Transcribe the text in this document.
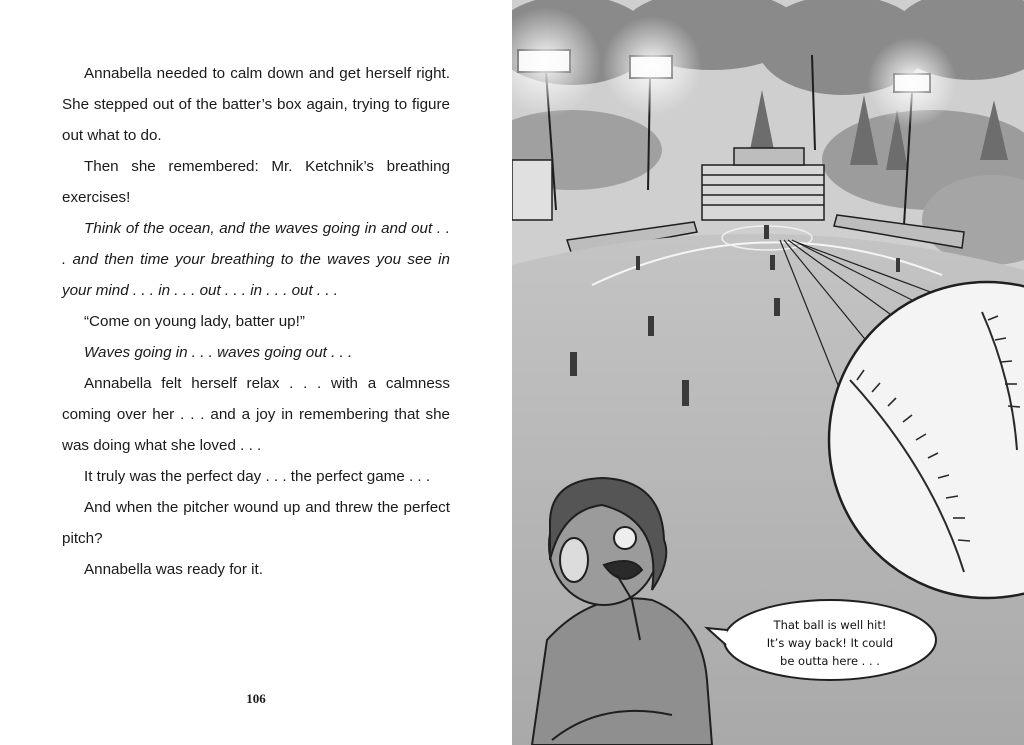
Annabella needed to calm down and get herself right. She stepped out of the batter’s box again, trying to figure out what to do.

Then she remembered: Mr. Ketchnik’s breathing exercises!

Think of the ocean, and the waves going in and out . . . and then time your breathing to the waves you see in your mind . . . in . . . out . . . in . . . out . . .

“Come on young lady, batter up!”

Waves going in . . . waves going out . . .

Annabella felt herself relax . . . with a calmness coming over her . . . and a joy in remembering that she was doing what she loved . . .

It truly was the perfect day . . . the perfect game . . .

And when the pitcher wound up and threw the perfect pitch?

Annabella was ready for it.

106
That ball is well hit!
It’s way back! It could
be outta here . . .
